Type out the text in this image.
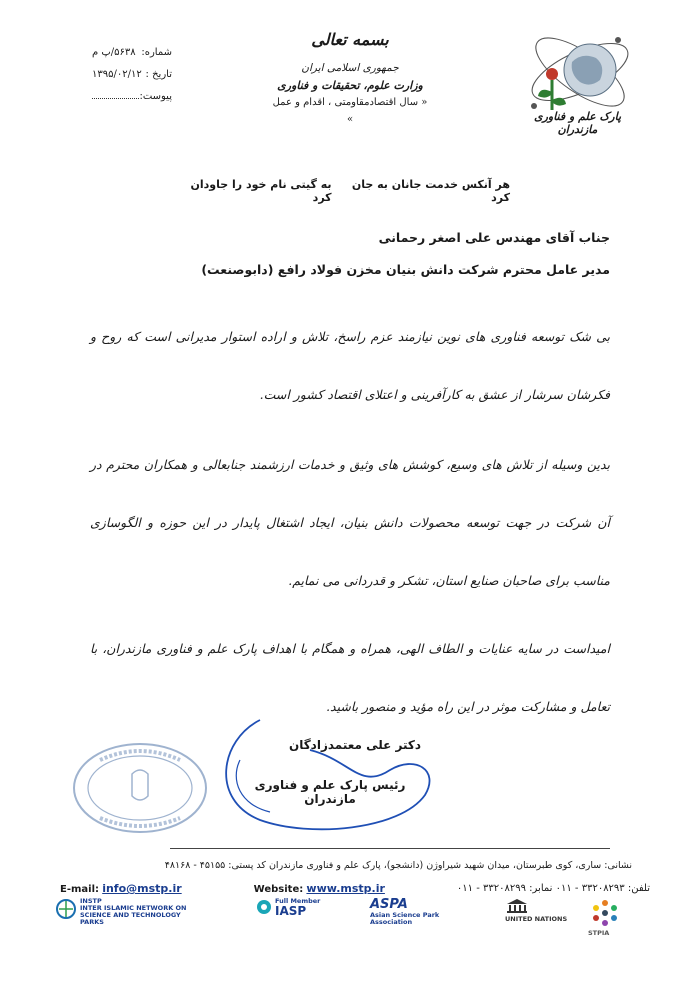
بسمه تعالی
جمهوری اسلامی ایران
وزارت علوم، تحقیقات و فناوری
« سال اقتصادمقاومتی ، اقدام و عمل »
شماره:
۵۶۳۸/پ م
تاریخ :
۱۳۹۵/۰۲/۱۲
پیوست:
پارک علم و فناوری مازندران
هر آنکس خدمت جانان به جان کرد
به گیتی نام خود را جاودان کرد
جناب آقای مهندس علی اصغر رحمانی
مدیر عامل محترم شرکت دانش بنیان مخزن فولاد رافع (دابوصنعت)
بی شک توسعه فناوری های نوین نیازمند عزم راسخ، تلاش و اراده استوار مدیرانی است که روح و فکرشان سرشار از عشق به کارآفرینی و اعتلای اقتصاد کشور است.
بدین وسیله از تلاش های وسیع، کوشش های وثیق و خدمات ارزشمند جنابعالی و همکاران محترم در آن شرکت در جهت توسعه محصولات دانش بنیان، ایجاد اشتغال پایدار در این حوزه و الگوسازی مناسب برای صاحبان صنایع استان، تشکر و قدردانی می نمایم.
امیداست در سایه عنایات و الطاف الهی، همراه و همگام با اهداف پارک علم و فناوری مازندران، با تعامل و مشارکت موثر در این راه مؤید و منصور باشید.
دکتر علی معتمدزادگان
رئیس پارک علم و فناوری مازندران
نشانی: ساری، کوی طبرستان، میدان شهید شیراوژن (دانشجو)، پارک علم و فناوری مازندران کد پستی: ۴۵۱۵۵ - ۴۸۱۶۸
E-mail: info@mstp.ir	Website: www.mstp.ir	تلفن: ۳۳۲۰۸۲۹۳ - ۰۱۱ نمابر: ۳۳۲۰۸۲۹۹ - ۰۱۱
INSTP
INTER ISLAMIC NETWORK ON SCIENCE AND TECHNOLOGY PARKS
Full Member
IASP	ASPA
Asian Science Park Association	UNITED NATIONS
STPIA
